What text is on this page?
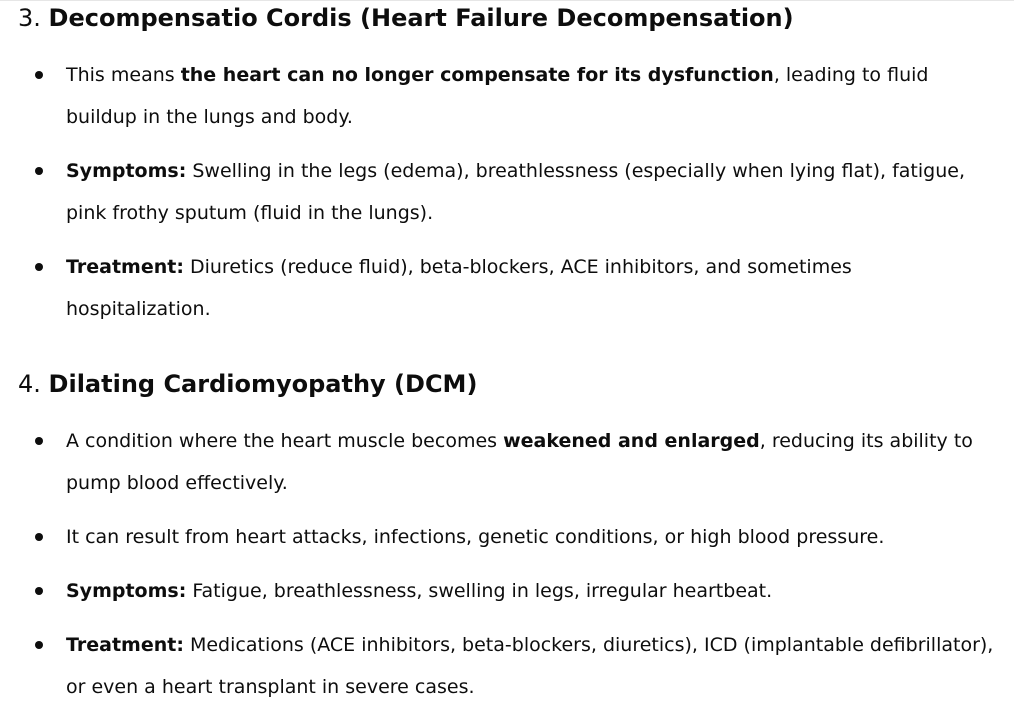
3. Decompensatio Cordis (Heart Failure Decompensation)
This means the heart can no longer compensate for its dysfunction, leading to fluid buildup in the lungs and body.
Symptoms: Swelling in the legs (edema), breathlessness (especially when lying flat), fatigue, pink frothy sputum (fluid in the lungs).
Treatment: Diuretics (reduce fluid), beta-blockers, ACE inhibitors, and sometimes hospitalization.
4. Dilating Cardiomyopathy (DCM)
A condition where the heart muscle becomes weakened and enlarged, reducing its ability to pump blood effectively.
It can result from heart attacks, infections, genetic conditions, or high blood pressure.
Symptoms: Fatigue, breathlessness, swelling in legs, irregular heartbeat.
Treatment: Medications (ACE inhibitors, beta-blockers, diuretics), ICD (implantable defibrillator), or even a heart transplant in severe cases.
